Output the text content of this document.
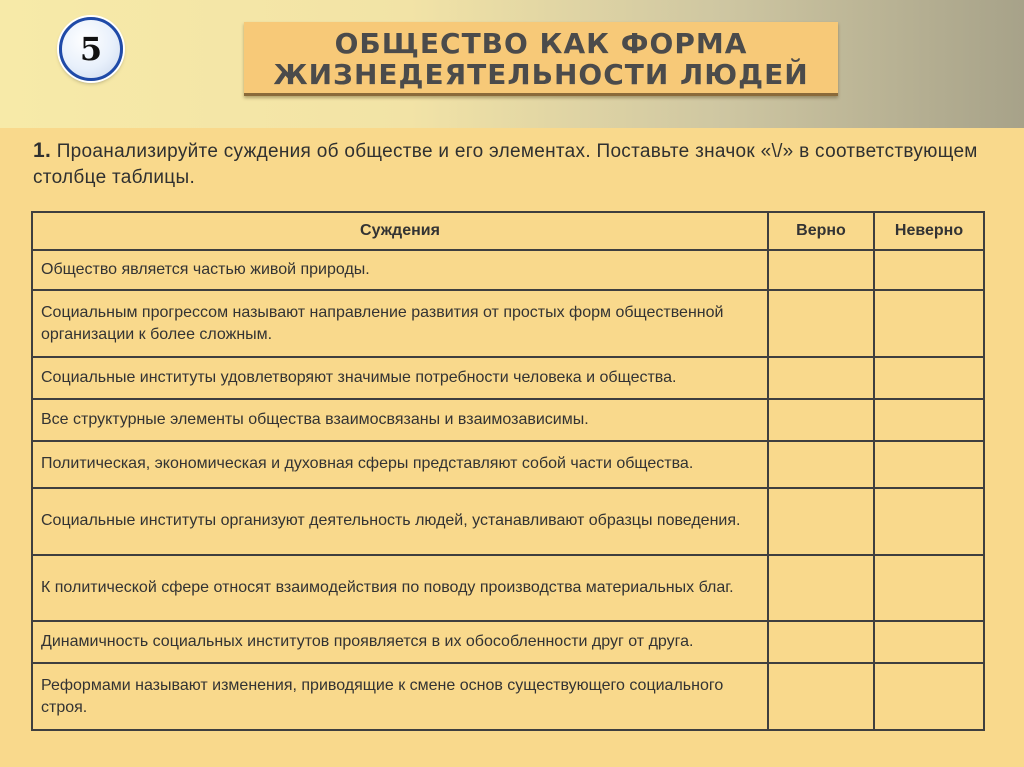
5	ОБЩЕСТВО КАК ФОРМА
ЖИЗНЕДЕЯТЕЛЬНОСТИ ЛЮДЕЙ
1. Проанализируйте суждения об обществе и его элементах. Поставьте значок «\/» в соответствующем столбце таблицы.
Суждения	Верно	Неверно
Общество является частью живой природы.		
Социальным прогрессом называют направление развития от простых форм общественной организации к более сложным.		
Социальные институты удовлетворяют значимые потребности человека и общества.		
Все структурные элементы общества взаимосвязаны и взаимозависимы.		
Политическая, экономическая и духовная сферы представляют собой части общества.		
Социальные институты организуют деятельность людей, устанавливают образцы поведения.		
К политической сфере относят взаимодействия по поводу производства материальных благ.		
Динамичность социальных институтов проявляется в их обособленности друг от друга.		
Реформами называют изменения, приводящие к смене основ существующего социального строя.		
